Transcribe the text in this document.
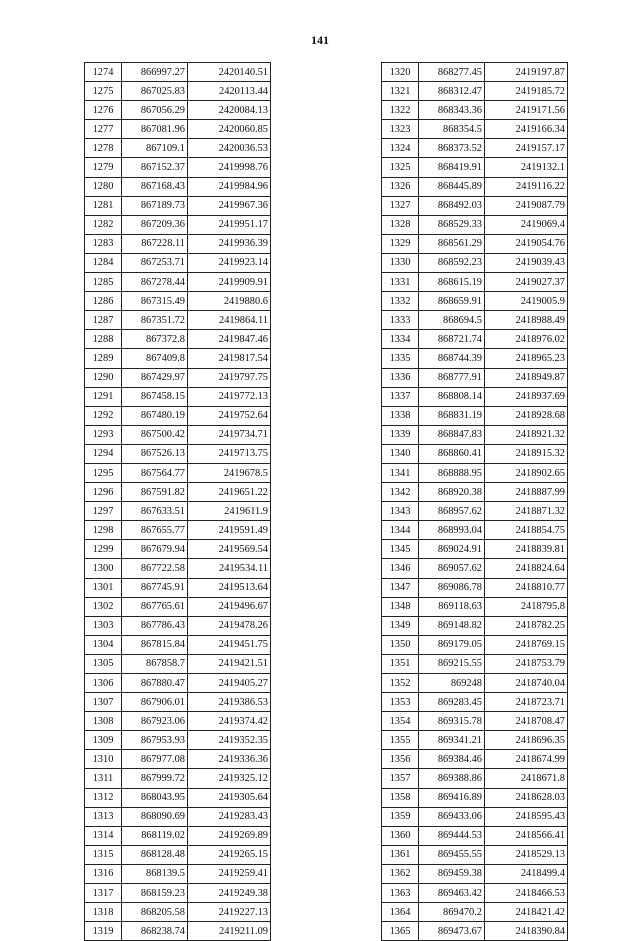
141
1274	866997.27	2420140.51
1275	867025.83	2420113.44
1276	867056.29	2420084.13
1277	867081.96	2420060.85
1278	867109.1	2420036.53
1279	867152.37	2419998.76
1280	867168.43	2419984.96
1281	867189.73	2419967.36
1282	867209.36	2419951.17
1283	867228.11	2419936.39
1284	867253.71	2419923.14
1285	867278.44	2419909.91
1286	867315.49	2419880.6
1287	867351.72	2419864.11
1288	867372.8	2419847.46
1289	867409.8	2419817.54
1290	867429.97	2419797.75
1291	867458.15	2419772.13
1292	867480.19	2419752.64
1293	867500.42	2419734.71
1294	867526.13	2419713.75
1295	867564.77	2419678.5
1296	867591.82	2419651.22
1297	867633.51	2419611.9
1298	867655.77	2419591.49
1299	867679.94	2419569.54
1300	867722.58	2419534.11
1301	867745.91	2419513.64
1302	867765.61	2419496.67
1303	867786.43	2419478.26
1304	867815.84	2419451.75
1305	867858.7	2419421.51
1306	867880.47	2419405.27
1307	867906.01	2419386.53
1308	867923.06	2419374.42
1309	867953.93	2419352.35
1310	867977.08	2419336.36
1311	867999.72	2419325.12
1312	868043.95	2419305.64
1313	868090.69	2419283.43
1314	868119.02	2419269.89
1315	868128.48	2419265.15
1316	868139.5	2419259.41
1317	868159.23	2419249.38
1318	868205.58	2419227.13
1319	868238.74	2419211.09
1320	868277.45	2419197.87
1321	868312.47	2419185.72
1322	868343.36	2419171.56
1323	868354.5	2419166.34
1324	868373.52	2419157.17
1325	868419.91	2419132.1
1326	868445.89	2419116.22
1327	868492.03	2419087.79
1328	868529.33	2419069.4
1329	868561.29	2419054.76
1330	868592.23	2419039.43
1331	868615.19	2419027.37
1332	868659.91	2419005.9
1333	868694.5	2418988.49
1334	868721.74	2418976.02
1335	868744.39	2418965.23
1336	868777.91	2418949.87
1337	868808.14	2418937.69
1338	868831.19	2418928.68
1339	868847.83	2418921.32
1340	868860.41	2418915.32
1341	868888.95	2418902.65
1342	868920.38	2418887.99
1343	868957.62	2418871.32
1344	868993.04	2418854.75
1345	869024.91	2418839.81
1346	869057.62	2418824.64
1347	869086.78	2418810.77
1348	869118.63	2418795.8
1349	869148.82	2418782.25
1350	869179.05	2418769.15
1351	869215.55	2418753.79
1352	869248	2418740.04
1353	869283.45	2418723.71
1354	869315.78	2418708.47
1355	869341.21	2418696.35
1356	869384.46	2418674.99
1357	869388.86	2418671.8
1358	869416.89	2418628.03
1359	869433.06	2418595.43
1360	869444.53	2418566.41
1361	869455.55	2418529.13
1362	869459.38	2418499.4
1363	869463.42	2418466.53
1364	869470.2	2418421.42
1365	869473.67	2418390.84
